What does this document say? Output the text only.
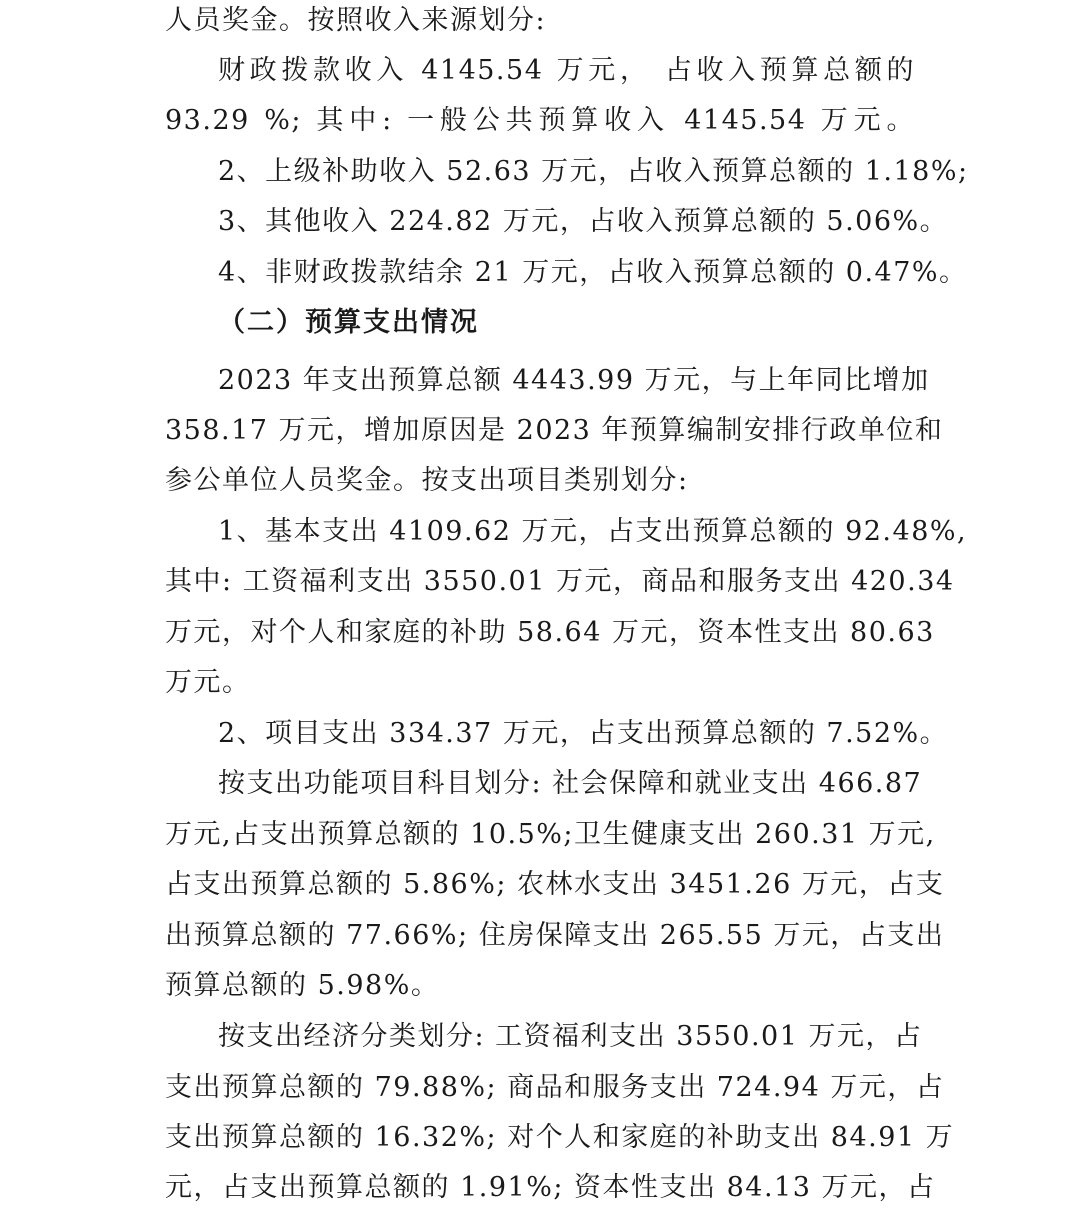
人员奖金。按照收入来源划分:
财政拨款收入 4145.54 万元， 占收入预算总额的
93.29 %; 其中: 一般公共预算收入 4145.54 万元。
2、上级补助收入 52.63 万元，占收入预算总额的 1.18%;
3、其他收入 224.82 万元，占收入预算总额的 5.06%。
4、非财政拨款结余 21 万元，占收入预算总额的 0.47%。
（二）预算支出情况
2023 年支出预算总额 4443.99 万元，与上年同比增加
358.17 万元，增加原因是 2023 年预算编制安排行政单位和
参公单位人员奖金。按支出项目类别划分:
1、基本支出 4109.62 万元，占支出预算总额的 92.48%,
其中: 工资福利支出 3550.01 万元，商品和服务支出 420.34
万元，对个人和家庭的补助 58.64 万元，资本性支出 80.63
万元。
2、项目支出 334.37 万元，占支出预算总额的 7.52%。
按支出功能项目科目划分: 社会保障和就业支出 466.87
万元,占支出预算总额的 10.5%;卫生健康支出 260.31 万元,
占支出预算总额的 5.86%; 农林水支出 3451.26 万元，占支
出预算总额的 77.66%; 住房保障支出 265.55 万元，占支出
预算总额的 5.98%。
按支出经济分类划分: 工资福利支出 3550.01 万元，占
支出预算总额的 79.88%; 商品和服务支出 724.94 万元，占
支出预算总额的 16.32%; 对个人和家庭的补助支出 84.91 万
元，占支出预算总额的 1.91%; 资本性支出 84.13 万元，占
